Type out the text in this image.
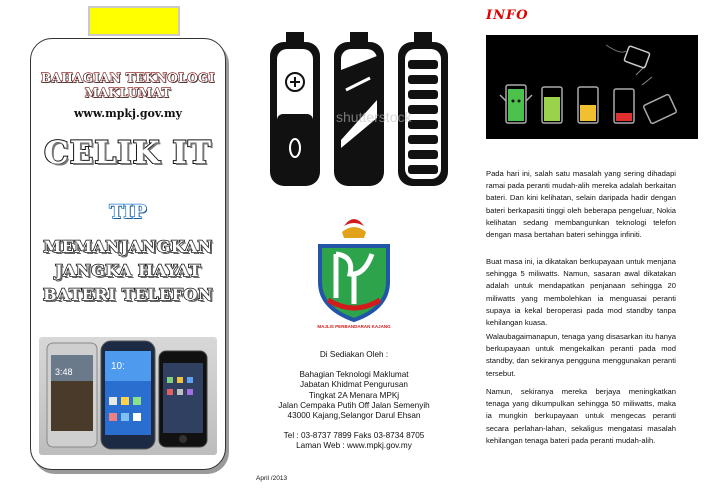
BAHAGIAN TEKNOLOGI MAKLUMAT
www.mpkj.gov.my
CELIK IT
TIP
MEMANJANGKAN JANGKA HAYAT BATERI TELEFON
3:48	10:
shutterstock
MAJLIS PERBANDARAN KAJANG
Di Sediakan Oleh :
Bahagian Teknologi Maklumat
Jabatan Khidmat Pengurusan
Tingkat 2A Menara MPKj
Jalan Cempaka Putih Off Jalan Semenyih
43000 Kajang,Selangor Darul Ehsan
Tel : 03-8737 7899 Faks 03-8734 8705
Laman Web : www.mpkj.gov.my
April /2013
INFO
Pada hari ini, salah satu masalah yang sering dihadapi ramai pada peranti mudah-alih mereka adalah berkaitan bateri. Dan kini kelihatan, selain daripada hadir dengan bateri berkapasiti tinggi oleh beberapa pengeluar, Nokia kelihatan sedang membangunkan teknologi telefon dengan masa bertahan bateri sehingga infiniti.
Buat masa ini, ia dikatakan berkupayaan untuk menjana sehingga 5 miliwatts. Namun, sasaran awal dikatakan adalah untuk mendapatkan penjanaan sehingga 20 miliwatts yang membolehkan ia menguasai peranti supaya ia kekal beroperasi pada mod standby tanpa kehilangan kuasa.
Walaubagaimanapun, tenaga yang disasarkan itu hanya berkupayaan untuk mengekalkan peranti pada mod standby, dan sekiranya pengguna menggunakan peranti tersebut.
Namun, sekiranya mereka berjaya meningkatkan tenaga yang dikumpulkan sehingga 50 miliwatts, maka ia mungkin berkupayaan untuk mengecas peranti secara perlahan-lahan, sekaligus mengatasi masalah kehilangan tenaga bateri pada peranti mudah-alih.
